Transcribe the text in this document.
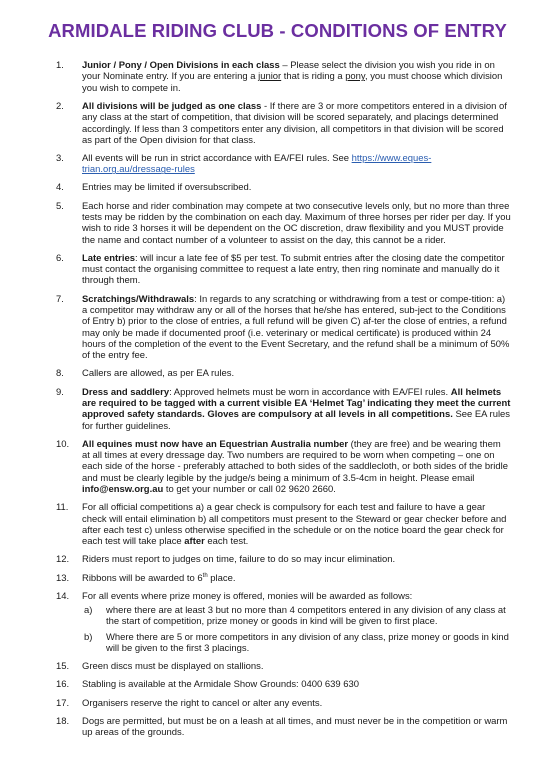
ARMIDALE RIDING CLUB - CONDITIONS OF ENTRY
1.	Junior / Pony / Open Divisions in each class – Please select the division you wish you ride in on your Nominate entry. If you are entering a junior that is riding a pony, you must choose which division you wish to compete in.
2.	All divisions will be judged as one class - If there are 3 or more competitors entered in a division of any class at the start of competition, that division will be scored separately, and placings determined accordingly. If less than 3 competitors enter any division, all competitors in that division will be scored as part of the Open division for that class.
3.	All events will be run in strict accordance with EA/FEI rules. See https://www.eques-trian.org.au/dressage-rules
4.	Entries may be limited if oversubscribed.
5.	Each horse and rider combination may compete at two consecutive levels only, but no more than three tests may be ridden by the combination on each day. Maximum of three horses per rider per day. If you wish to ride 3 horses it will be dependent on the OC discretion, draw flexibility and you MUST provide the name and contact number of a volunteer to assist on the day, this cannot be a rider.
6.	Late entries: will incur a late fee of $5 per test. To submit entries after the closing date the competitor must contact the organising committee to request a late entry, then ring nominate and manually do it through them.
7.	Scratchings/Withdrawals: In regards to any scratching or withdrawing from a test or compe-tition: a) a competitor may withdraw any or all of the horses that he/she has entered, sub-ject to the Conditions of Entry b) prior to the close of entries, a full refund will be given C) af-ter the close of entries, a refund may only be made if documented proof (i.e. veterinary or medical certificate) is produced within 24 hours of the completion of the event to the Event Secretary, and the refund shall be a minimum of 50% of the entry fee.
8.	Callers are allowed, as per EA rules.
9.	Dress and saddlery: Approved helmets must be worn in accordance with EA/FEI rules. All helmets are required to be tagged with a current visible EA ‘Helmet Tag’ indicating they meet the current approved safety standards. Gloves are compulsory at all levels in all competitions. See EA rules for further guidelines.
10.	All equines must now have an Equestrian Australia number (they are free) and be wearing them at all times at every dressage day. Two numbers are required to be worn when competing – one on each side of the horse - preferably attached to both sides of the saddlecloth, or both sides of the bridle and must be clearly legible by the judge/s being a minimum of 3.5-4cm in height. Please email info@ensw.org.au to get your number or call 02 9620 2660.
11.	For all official competitions a) a gear check is compulsory for each test and failure to have a gear check will entail elimination b) all competitors must present to the Steward or gear checker before and after each test c) unless otherwise specified in the schedule or on the notice board the gear check for each test will take place after each test.
12.	Riders must report to judges on time, failure to do so may incur elimination.
13.	Ribbons will be awarded to 6th place.
14.	For all events where prize money is offered, monies will be awarded as follows:
a) where there are at least 3 but no more than 4 competitors entered in any division of any class at the start of competition, prize money or goods in kind will be given to first place.
b) Where there are 5 or more competitors in any division of any class, prize money or goods in kind will be given to the first 3 placings.
15.	Green discs must be displayed on stallions.
16.	Stabling is available at the Armidale Show Grounds: 0400 639 630
17.	Organisers reserve the right to cancel or alter any events.
18.	Dogs are permitted, but must be on a leash at all times, and must never be in the competition or warm up areas of the grounds.
